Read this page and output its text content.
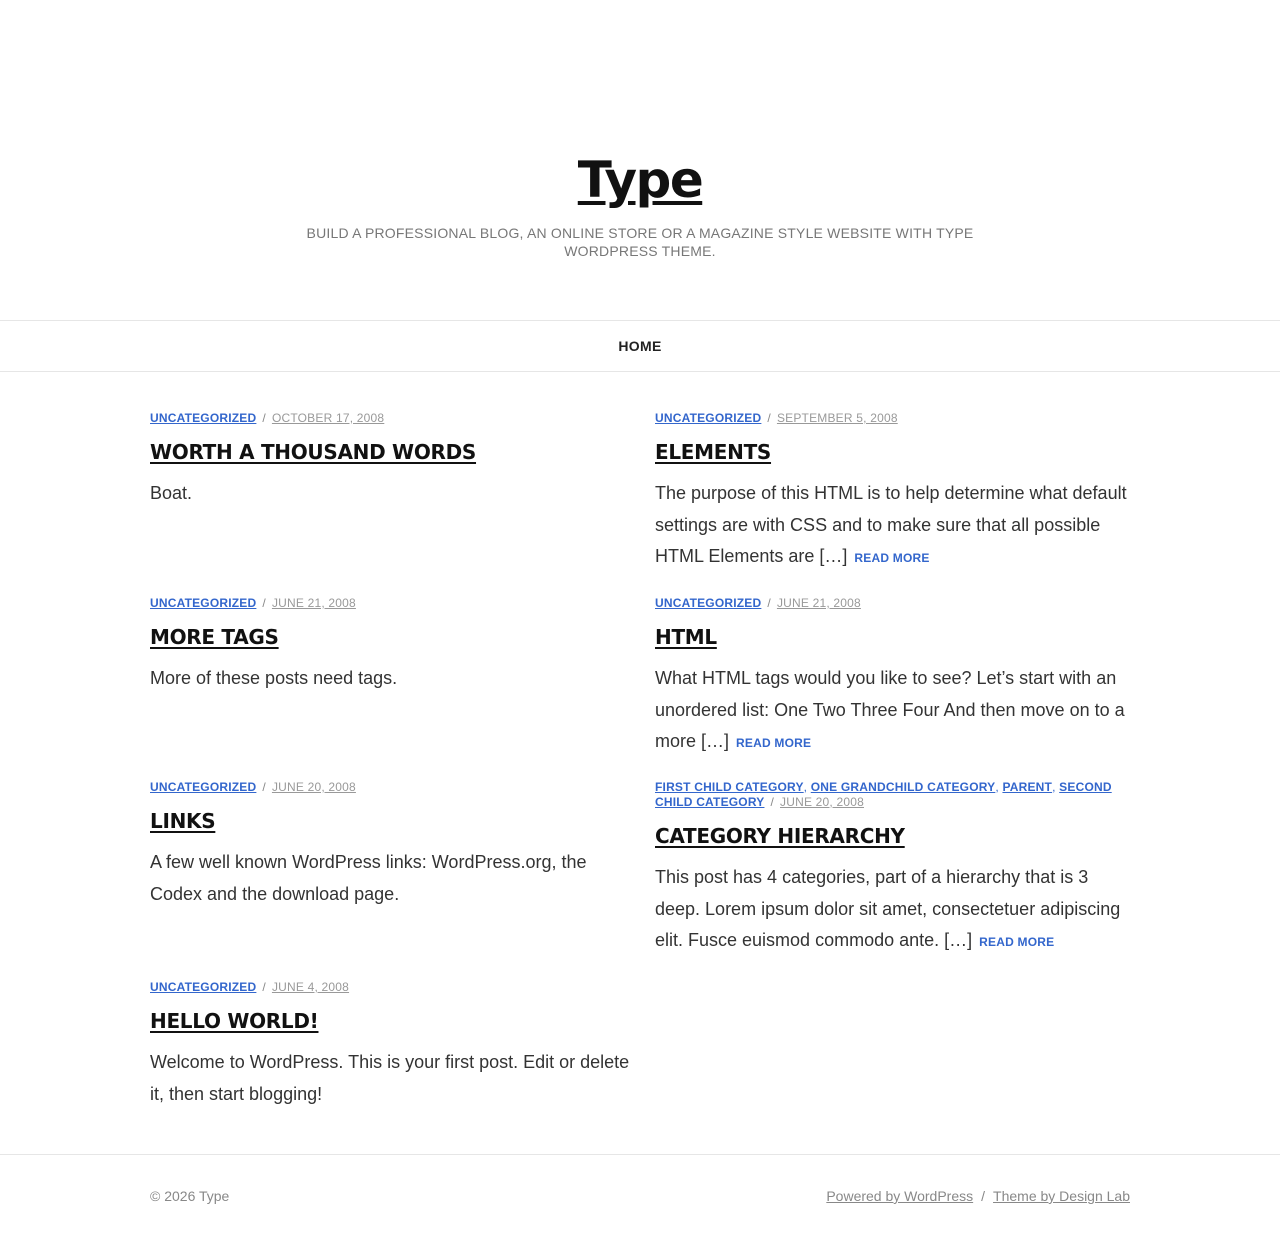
Type

BUILD A PROFESSIONAL BLOG, AN ONLINE STORE OR A MAGAZINE STYLE WEBSITE WITH TYPE WORDPRESS THEME.

HOME
UNCATEGORIZED / OCTOBER 17, 2008
WORTH A THOUSAND WORDS

Boat.

UNCATEGORIZED / SEPTEMBER 5, 2008
ELEMENTS

The purpose of this HTML is to help determine what default settings are with CSS and to make sure that all possible HTML Elements are […] READ MORE

UNCATEGORIZED / JUNE 21, 2008
MORE TAGS

More of these posts need tags.

UNCATEGORIZED / JUNE 21, 2008
HTML

What HTML tags would you like to see? Let’s start with an unordered list: One Two Three Four And then move on to a more […] READ MORE

UNCATEGORIZED / JUNE 20, 2008
LINKS

A few well known WordPress links: WordPress.org, the Codex and the download page.

FIRST CHILD CATEGORY, ONE GRANDCHILD CATEGORY, PARENT, SECOND CHILD CATEGORY / JUNE 20, 2008
CATEGORY HIERARCHY

This post has 4 categories, part of a hierarchy that is 3 deep. Lorem ipsum dolor sit amet, consectetuer adipiscing elit. Fusce euismod commodo ante. […] READ MORE

UNCATEGORIZED / JUNE 4, 2008
HELLO WORLD!

Welcome to WordPress. This is your first post. Edit or delete it, then start blogging!

© 2026 Type	Powered by WordPress / Theme by Design Lab
